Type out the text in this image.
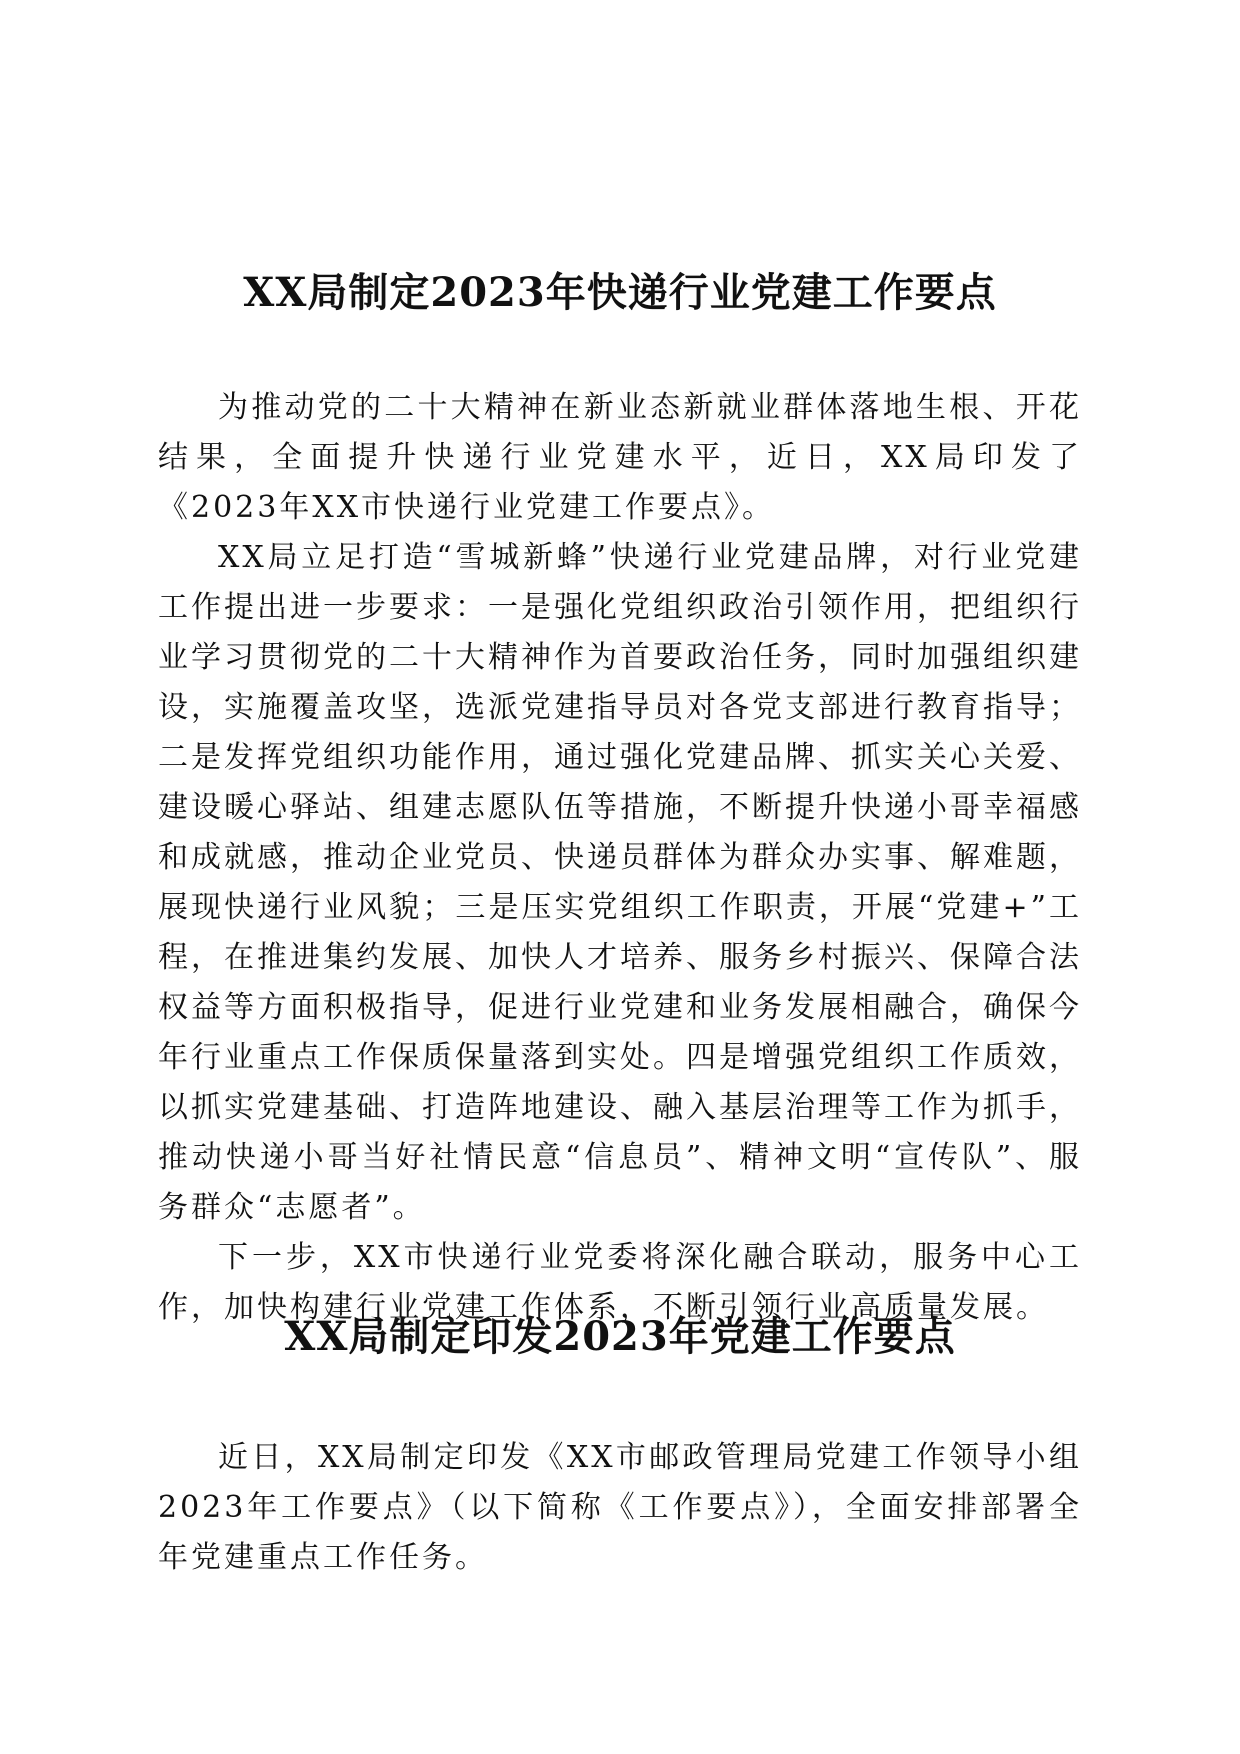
XX局制定2023年快递行业党建工作要点

为推动党的二十大精神在新业态新就业群体落地生根、开花结果，全面提升快递行业党建水平，近日，XX局印发了《2023年XX市快递行业党建工作要点》。

XX局立足打造“雪城新蜂”快递行业党建品牌，对行业党建工作提出进一步要求：一是强化党组织政治引领作用，把组织行业学习贯彻党的二十大精神作为首要政治任务，同时加强组织建设，实施覆盖攻坚，选派党建指导员对各党支部进行教育指导；二是发挥党组织功能作用，通过强化党建品牌、抓实关心关爱、建设暖心驿站、组建志愿队伍等措施，不断提升快递小哥幸福感和成就感，推动企业党员、快递员群体为群众办实事、解难题，展现快递行业风貌；三是压实党组织工作职责，开展“党建+”工程，在推进集约发展、加快人才培养、服务乡村振兴、保障合法权益等方面积极指导，促进行业党建和业务发展相融合，确保今年行业重点工作保质保量落到实处。四是增强党组织工作质效，以抓实党建基础、打造阵地建设、融入基层治理等工作为抓手，推动快递小哥当好社情民意“信息员”、精神文明“宣传队”、服务群众“志愿者”。

下一步，XX市快递行业党委将深化融合联动，服务中心工作，加快构建行业党建工作体系，不断引领行业高质量发展。

XX局制定印发2023年党建工作要点

近日，XX局制定印发《XX市邮政管理局党建工作领导小组2023年工作要点》（以下简称《工作要点》），全面安排部署全年党建重点工作任务。
